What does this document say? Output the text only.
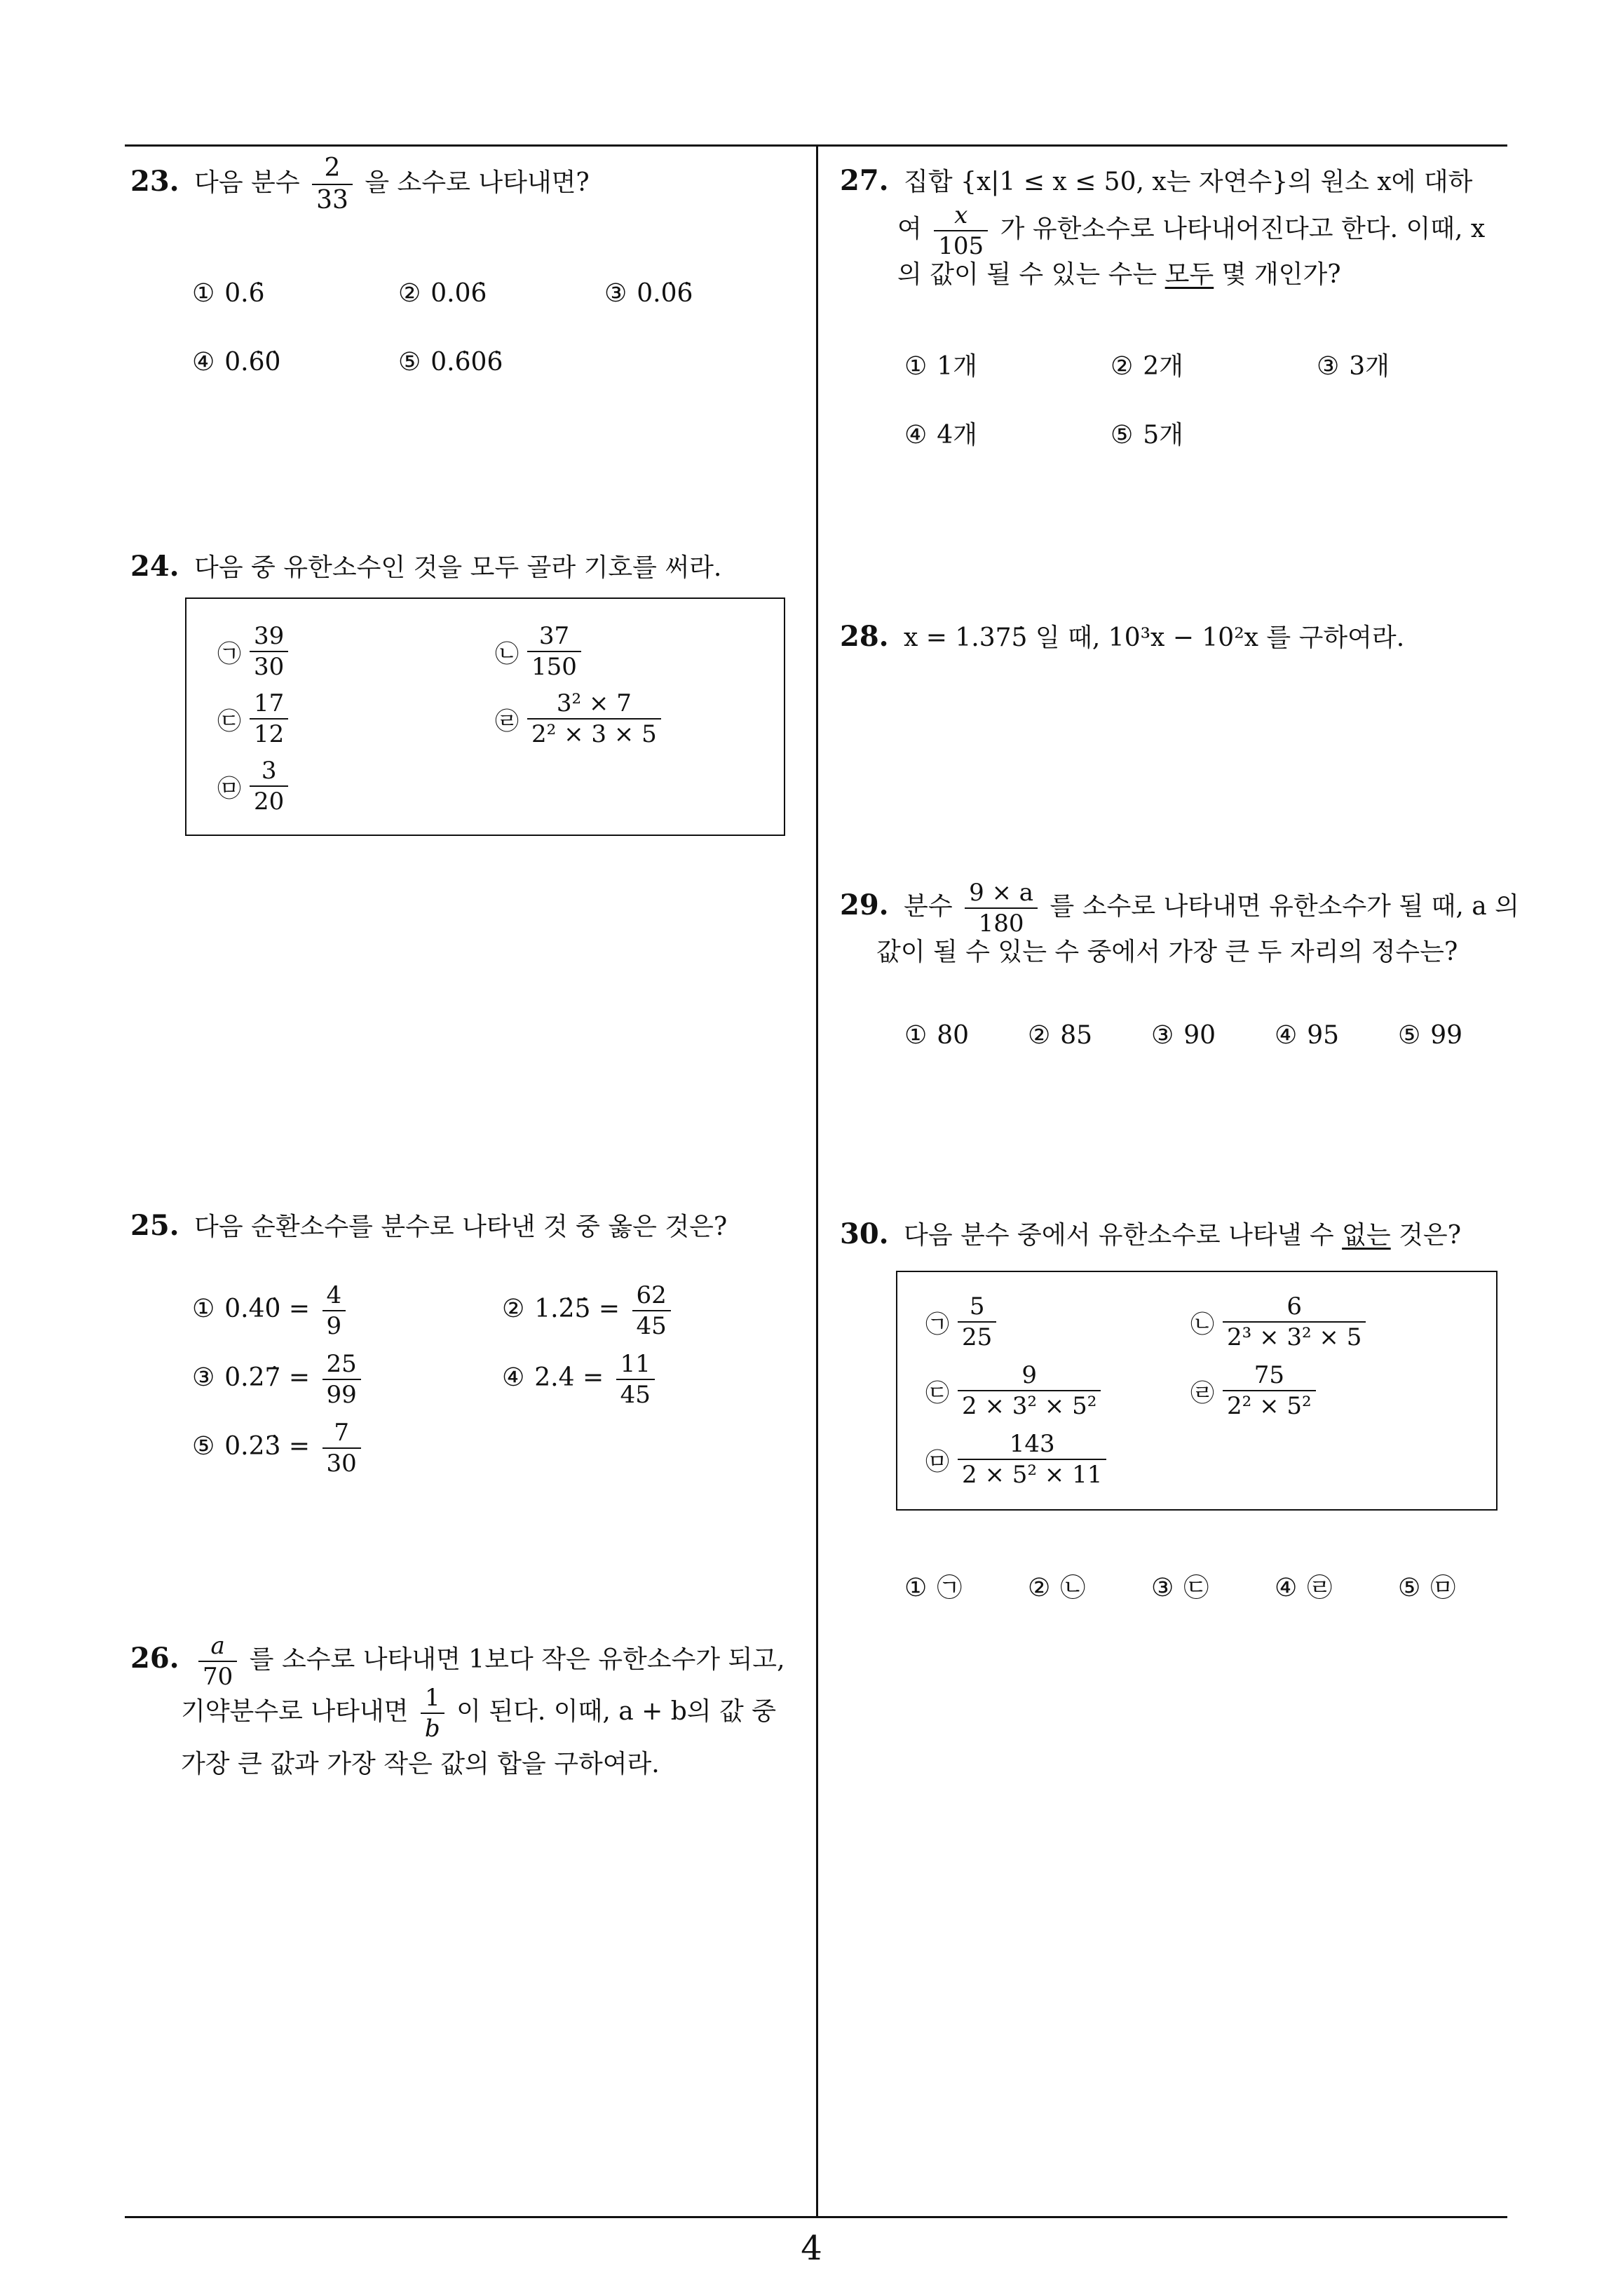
23. 다음 분수 $\frac{2}{33}$ 을 소수로 나타내면?
① 0.6̇	② 0.06̇	③ 0.0̇6̇
④ 0.6̇0̇	⑤ 0.6̇06̇
24. 다음 중 유한소수인 것을 모두 골라 기호를 써라.
㉠ $\frac{39}{30}$	㉡ $\frac{37}{150}$
㉢ $\frac{17}{12}$	㉣ $\frac{\text{3² × 7}}{\text{2² × 3 × 5}}$
㉤ $\frac{3}{20}$
25. 다음 순환소수를 분수로 나타낸 것 중 옳은 것은?
① 0.4̇0̇ = $\frac{4}{9}$	② 1.2̇5̇ = $\frac{62}{45}$
③ 0.27̇ = $\frac{25}{99}$	④ 2.4̇ = $\frac{11}{45}$
⑤ 0.23̇ = $\frac{7}{30}$
26. $\frac{a}{70}$ 를 소수로 나타내면 1보다 작은 유한소수가 되고,
기약분수로 나타내면 $\frac{1}{b}$ 이 된다. 이때, a + b의 값 중
가장 큰 값과 가장 작은 값의 합을 구하여라.
27. 집합 {x|1 ≤ x ≤ 50, x는 자연수}의 원소 x에 대하
여 $\frac{x}{105}$ 가 유한소수로 나타내어진다고 한다. 이때, x
의 값이 될 수 있는 수는 모두 몇 개인가?
① 1개	② 2개	③ 3개
④ 4개	⑤ 5개
28. x = 1.375̇ 일 때, 10³x − 10²x 를 구하여라.
29. 분수 $\frac{9 \times a}{180}$ 를 소수로 나타내면 유한소수가 될 때, a 의
값이 될 수 있는 수 중에서 가장 큰 두 자리의 정수는?
① 80 ② 85 ③ 90 ④ 95 ⑤ 99
30. 다음 분수 중에서 유한소수로 나타낼 수 없는 것은?
㉠ $\frac{5}{25}$	㉡ $\frac{6}{\text{2³ × 3² × 5}}$
㉢ $\frac{9}{\text{2 × 3² × 5²}}$	㉣ $\frac{75}{\text{2² × 5²}}$
㉤ $\frac{143}{\text{2 × 5² × 11}}$
① ㉠	② ㉡	③ ㉢	④ ㉣	⑤ ㉤
4
